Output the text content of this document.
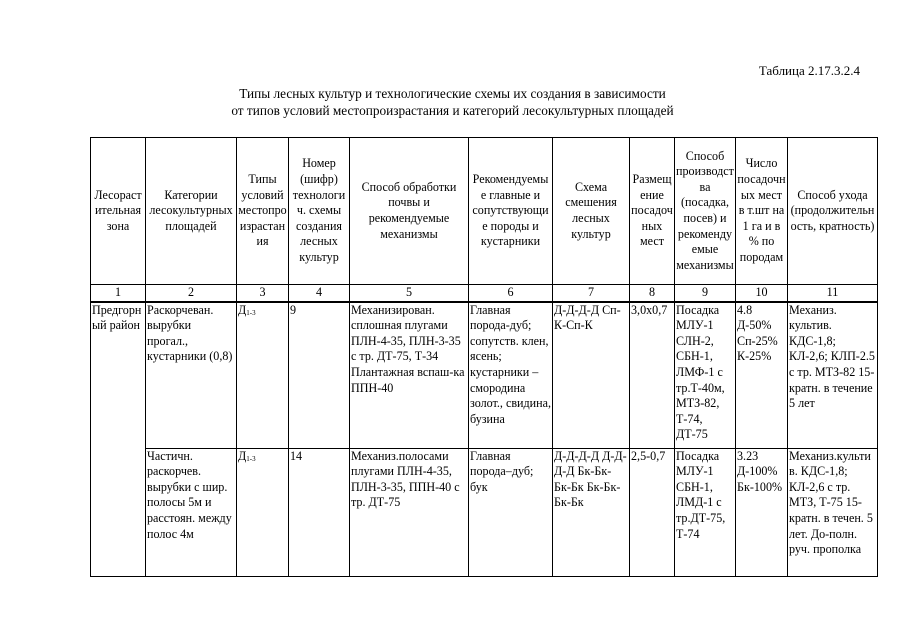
Таблица 2.17.3.2.4
Типы лесных культур и технологические схемы их создания в зависимости
от типов условий местопроизрастания и категорий лесокультурных площадей
Лесорастительная зона	Категории лесокультурных площадей	Типы условий местопроизрастания	Номер (шифр) технологич. схемы создания лесных культур	Способ обработки почвы и рекомендуемые механизмы	Рекомендуемые главные и сопутствующие породы и кустарники	Схема смешения лесных культур	Размещение посадочных мест	Способ производства (посадка, посев) и рекомендуемые механизмы	Число посадочных мест в т.шт на 1 га и в % по породам	Способ ухода (продолжительность, кратность)
1	2	3	4	5	6	7	8	9	10	11
Предгорный район	Раскорчеван. вырубки прогал., кустарники (0,8)	$Д_{1-3}$	9	Механизирован. сплошная плугами ПЛН-4-35, ПЛН-3-35 с тр. ДТ-75, Т-34 Плантажная вспаш-ка ППН-40	Главная порода-дуб; сопутств. клен, ясень; кустарники – смородина золот., свидина, бузина	Д-Д-Д-Д Сп-К-Сп-К	3,0х0,7	Посадка МЛУ-1 СЛН-2, СБН-1, ЛМФ-1 с тр.Т-40м, МТЗ-82, Т-74, ДТ-75	4.8 Д-50% Сп-25% К-25%	Механиз. культив. КДС-1,8; КЛ-2,6; КЛП-2.5 с тр. МТЗ-82 15-кратн. в течение 5 лет
	Частичн. раскорчев. вырубки с шир. полосы 5м и расстоян. между полос 4м	$Д_{1-3}$	14	Механиз.полосами плугами ПЛН-4-35, ПЛН-3-35, ППН-40 с тр. ДТ-75	Главная порода–дуб; бук	Д-Д-Д-Д Д-Д-Д-Д Бк-Бк-Бк-Бк Бк-Бк-Бк-Бк	2,5-0,7	Посадка МЛУ-1 СБН-1, ЛМД-1 с тр.ДТ-75, Т-74	3.23 Д-100% Бк-100%	Механиз.культив. КДС-1,8; КЛ-2,6 с тр. МТЗ, Т-75 15-кратн. в течен. 5 лет. До-полн. руч. прополка
